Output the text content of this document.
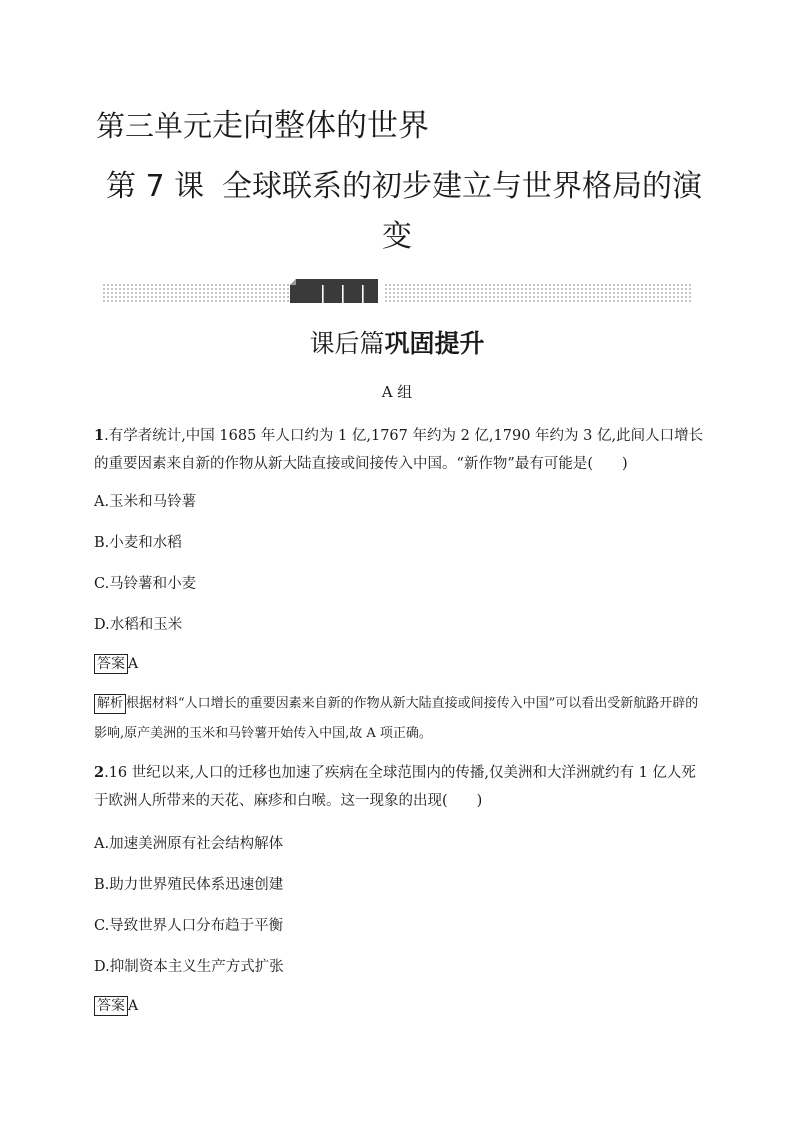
第三单元走向整体的世界
第 7 课 全球联系的初步建立与世界格局的演
变
课后篇巩固提升
A 组
1.有学者统计,中国 1685 年人口约为 1 亿,1767 年约为 2 亿,1790 年约为 3 亿,此间人口增长的重要因素来自新的作物从新大陆直接或间接传入中国。“新作物”最有可能是(　　)
A.玉米和马铃薯
B.小麦和水稻
C.马铃薯和小麦
D.水稻和玉米
答案 A
解析 根据材料“人口增长的重要因素来自新的作物从新大陆直接或间接传入中国”可以看出受新航路开辟的影响,原产美洲的玉米和马铃薯开始传入中国,故 A 项正确。
2.16 世纪以来,人口的迁移也加速了疾病在全球范围内的传播,仅美洲和大洋洲就约有 1 亿人死于欧洲人所带来的天花、麻疹和白喉。这一现象的出现(　　)
A.加速美洲原有社会结构解体
B.助力世界殖民体系迅速创建
C.导致世界人口分布趋于平衡
D.抑制资本主义生产方式扩张
答案 A
